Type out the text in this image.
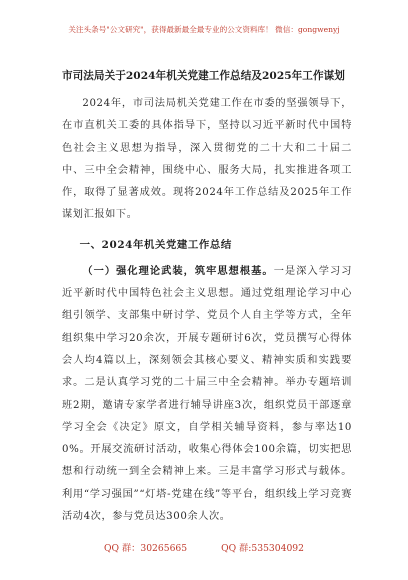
关注头条号"公文研究"，获得最新最全最专业的公文资料库！ 微信：gongwenyj
市司法局关于2024年机关党建工作总结及2025年工作谋划

2024年，市司法局机关党建工作在市委的坚强领导下，在市直机关工委的具体指导下，坚持以习近平新时代中国特色社会主义思想为指导，深入贯彻党的二十大和二十届二中、三中全会精神，围绕中心、服务大局，扎实推进各项工作，取得了显著成效。现将2024年工作总结及2025年工作谋划汇报如下。

一、2024年机关党建工作总结

（一）强化理论武装，筑牢思想根基。一是深入学习习近平新时代中国特色社会主义思想。通过党组理论学习中心组引领学、支部集中研讨学、党员个人自主学等方式，全年组织集中学习20余次，开展专题研讨6次，党员撰写心得体会人均4篇以上，深刻领会其核心要义、精神实质和实践要求。二是认真学习党的二十届三中全会精神。举办专题培训班2期，邀请专家学者进行辅导讲座3次，组织党员干部逐章学习全会《决定》原文，自学相关辅导资料，参与率达100%。开展交流研讨活动，收集心得体会100余篇，切实把思想和行动统一到全会精神上来。三是丰富学习形式与载体。利用“学习强国”“灯塔-党建在线”等平台，组织线上学习竞赛活动4次，参与党员达300余人次。

QQ 群：30265665	QQ 群:535304092
